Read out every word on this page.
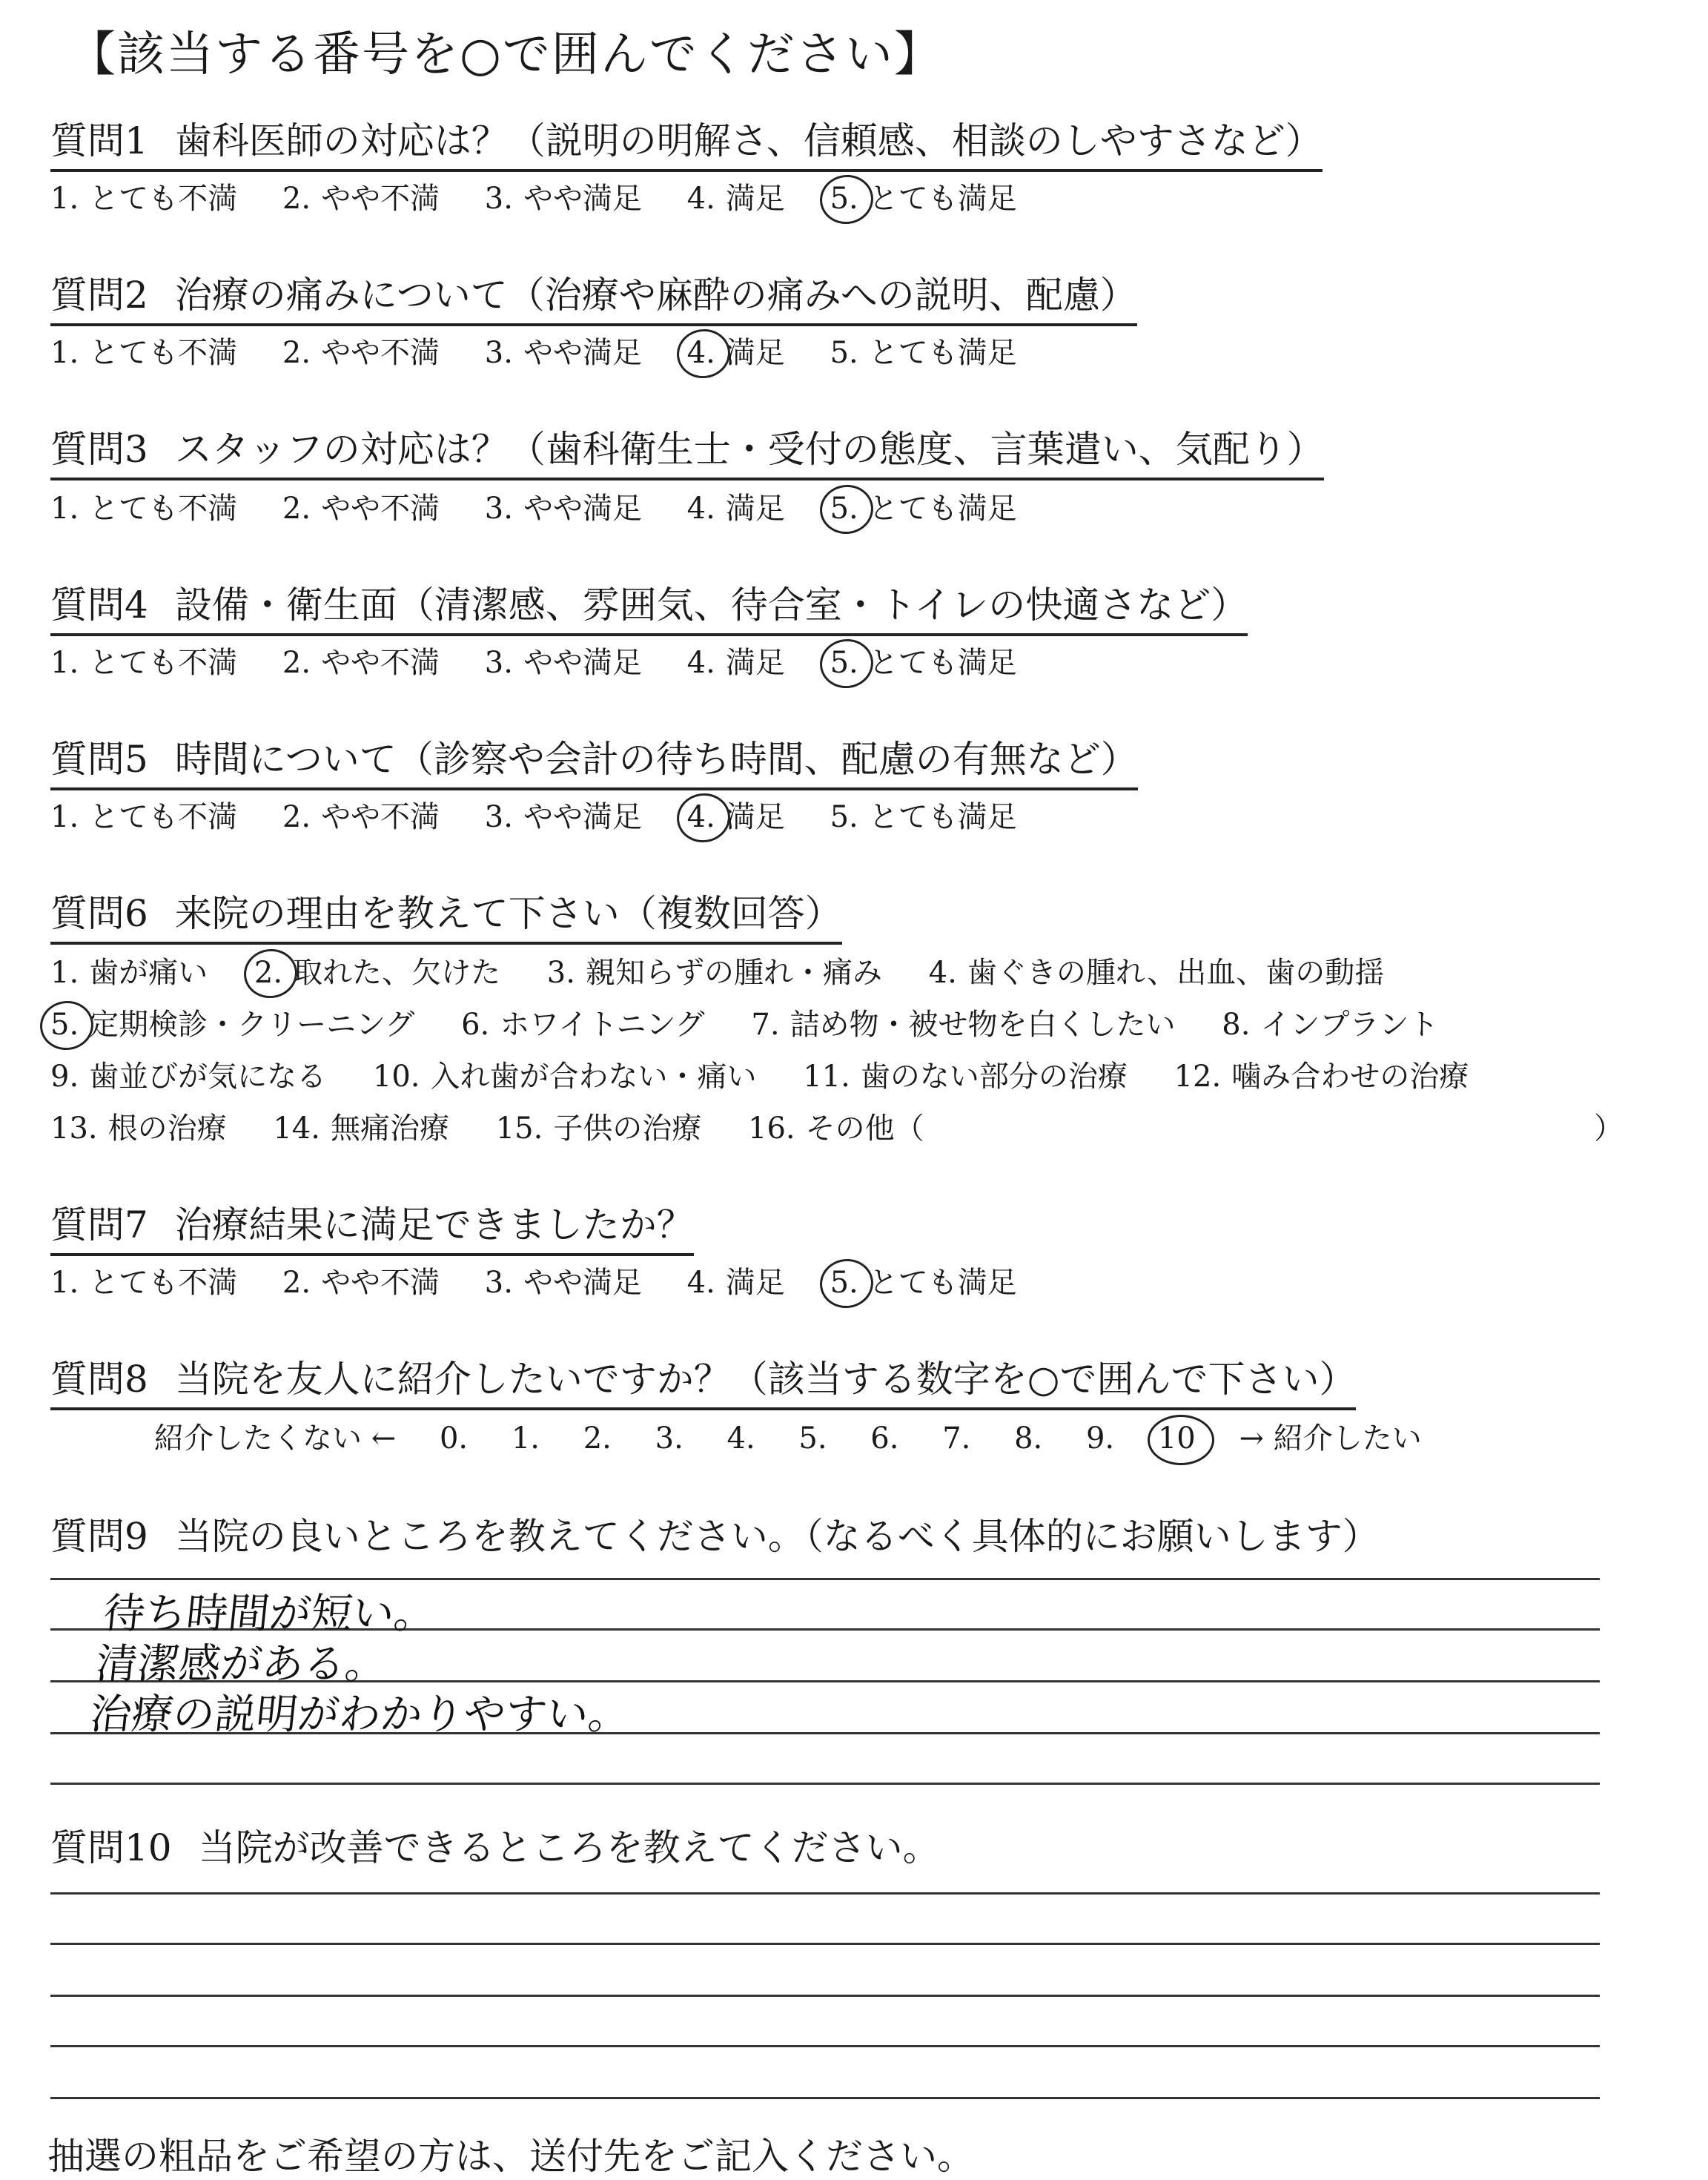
【該当する番号を○で囲んでください】
質問1 歯科医師の対応は？（説明の明解さ、信頼感、相談のしやすさなど）
1. とても不満 2. やや不満 3. やや満足 4. 満足 5. とても満足
質問2 治療の痛みについて（治療や麻酔の痛みへの説明、配慮）
1. とても不満 2. やや不満 3. やや満足 4. 満足 5. とても満足
質問3 スタッフの対応は？（歯科衛生士・受付の態度、言葉遣い、気配り）
1. とても不満 2. やや不満 3. やや満足 4. 満足 5. とても満足
質問4 設備・衛生面（清潔感、雰囲気、待合室・トイレの快適さなど）
1. とても不満 2. やや不満 3. やや満足 4. 満足 5. とても満足
質問5 時間について（診察や会計の待ち時間、配慮の有無など）
1. とても不満 2. やや不満 3. やや満足 4. 満足 5. とても満足
質問6 来院の理由を教えて下さい（複数回答）
1. 歯が痛い 2. 取れた、欠けた 3. 親知らずの腫れ・痛み 4. 歯ぐきの腫れ、出血、歯の動揺
5. 定期検診・クリーニング 6. ホワイトニング 7. 詰め物・被せ物を白くしたい 8. インプラント
9. 歯並びが気になる 10. 入れ歯が合わない・痛い 11. 歯のない部分の治療 12. 噛み合わせの治療
13. 根の治療 14. 無痛治療 15. 子供の治療 16. その他（	）
質問7 治療結果に満足できましたか？
1. とても不満 2. やや不満 3. やや満足 4. 満足 5. とても満足
質問8 当院を友人に紹介したいですか？（該当する数字を○で囲んで下さい）
紹介したくない ← 0. 1. 2. 3. 4. 5. 6. 7. 8. 9. 10 → 紹介したい
質問9 当院の良いところを教えてください。（なるべく具体的にお願いします）
待ち時間が短い。
清潔感がある。
治療の説明がわかりやすい。
質問10 当院が改善できるところを教えてください。
抽選の粗品をご希望の方は、送付先をご記入ください。
